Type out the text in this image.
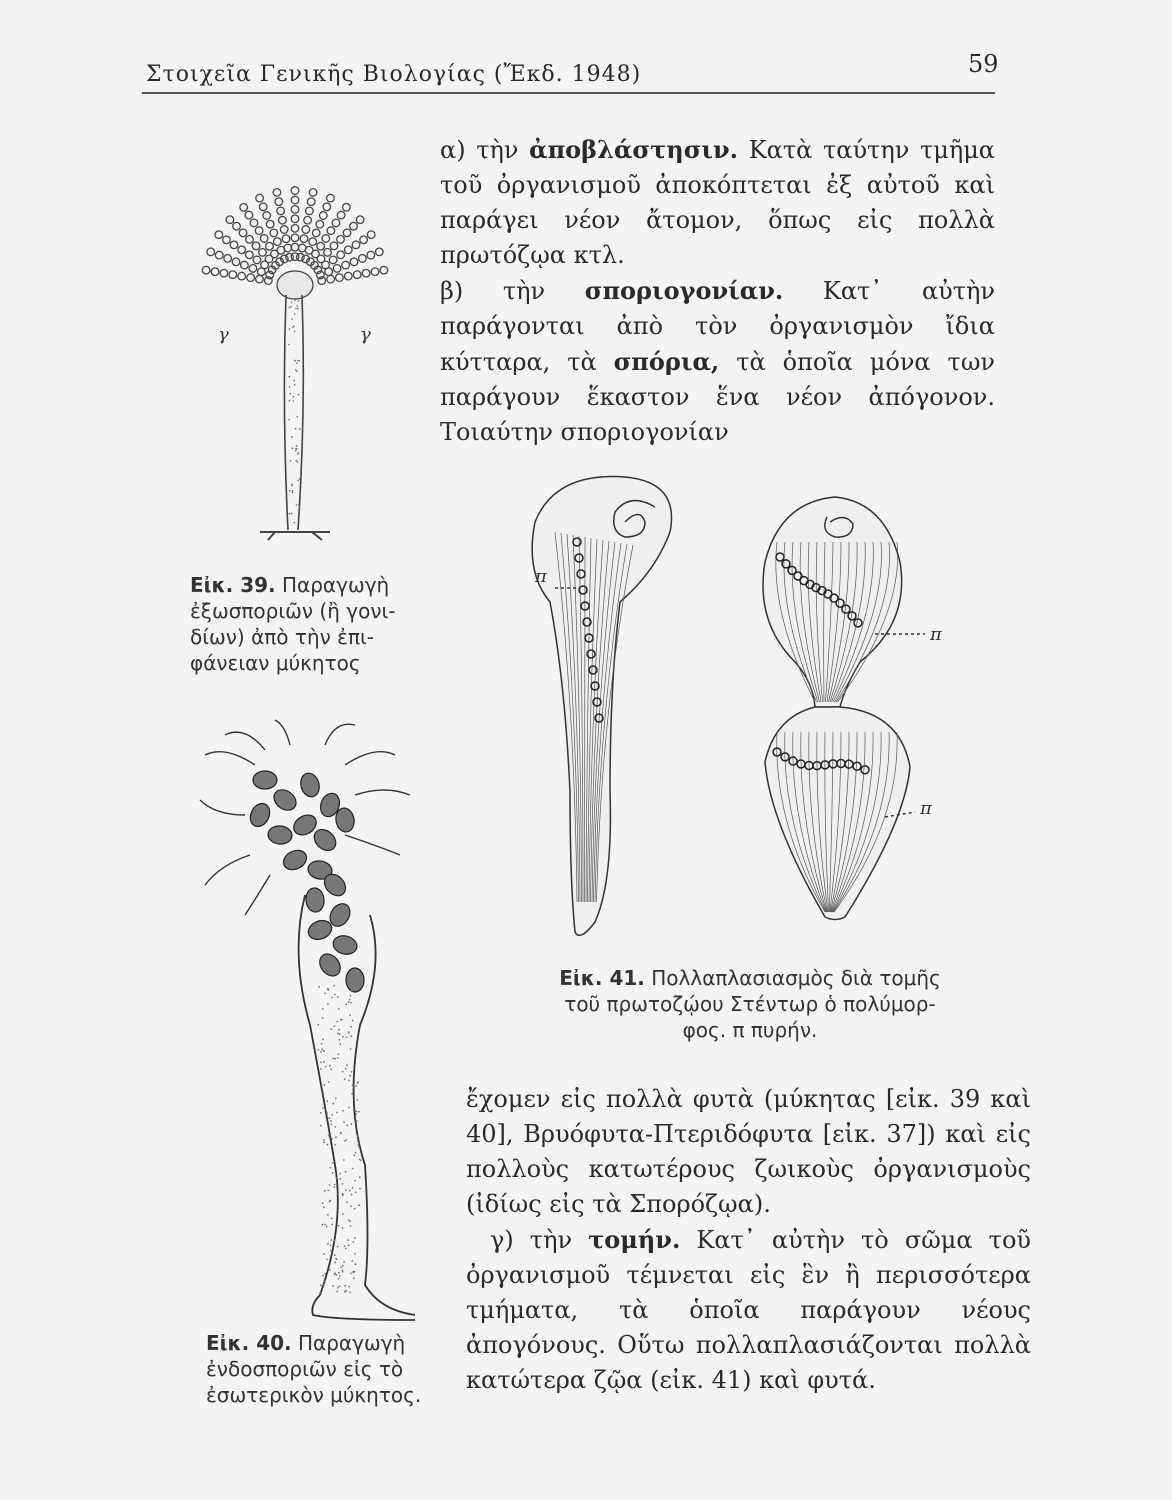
Στοιχεῖα Γενικῆς Βιολογίας (Ἔκδ. 1948)	59
γ	γ
Εἰκ. 39. Παραγωγὴ
ἐξωσποριῶν (ἢ γονι-
δίων) ἀπὸ τὴν ἐπι-
φάνειαν μύκητος
Εἰκ. 40. Παραγωγὴ
ἐνδοσποριῶν εἰς τὸ
ἐσωτερικὸν μύκητος.
π
π
π
Εἰκ. 41. Πολλαπλασιασμὸς διὰ τομῆς
τοῦ πρωτοζῴου Στέντωρ ὁ πολύμορ-
φος. π πυρήν.

α) τὴν ἀποβλάστησιν. Κατὰ ταύτην τμῆμα τοῦ ὀργανισμοῦ ἀποκόπτεται ἐξ αὐτοῦ καὶ παράγει νέον ἄτομον, ὅπως εἰς πολλὰ πρωτόζῳα κτλ.

β) τὴν σποριογονίαν. Κατ᾽ αὐτὴν παράγονται ἀπὸ τὸν ὀργανισμὸν ἴδια κύτταρα, τὰ σπόρια, τὰ ὁποῖα μόνα των παράγουν ἕκαστον ἕνα νέον ἀπόγονον. Τοιαύτην σποριογονίαν

ἔχομεν εἰς πολλὰ φυτὰ (μύκητας [εἰκ. 39 καὶ 40], Βρυόφυτα-Πτεριδόφυτα [εἰκ. 37]) καὶ εἰς πολλοὺς κατωτέρους ζωικοὺς ὀργανισμοὺς (ἰδίως εἰς τὰ Σπορόζῳα).

γ) τὴν τομήν. Κατ᾽ αὐτὴν τὸ σῶμα τοῦ ὀργανισμοῦ τέμνεται εἰς ἓν ἢ περισσότερα τμήματα, τὰ ὁποῖα παράγουν νέους ἀπογόνους. Οὕτω πολλαπλασιάζονται πολλὰ κατώτερα ζῷα (εἰκ. 41) καὶ φυτά.
